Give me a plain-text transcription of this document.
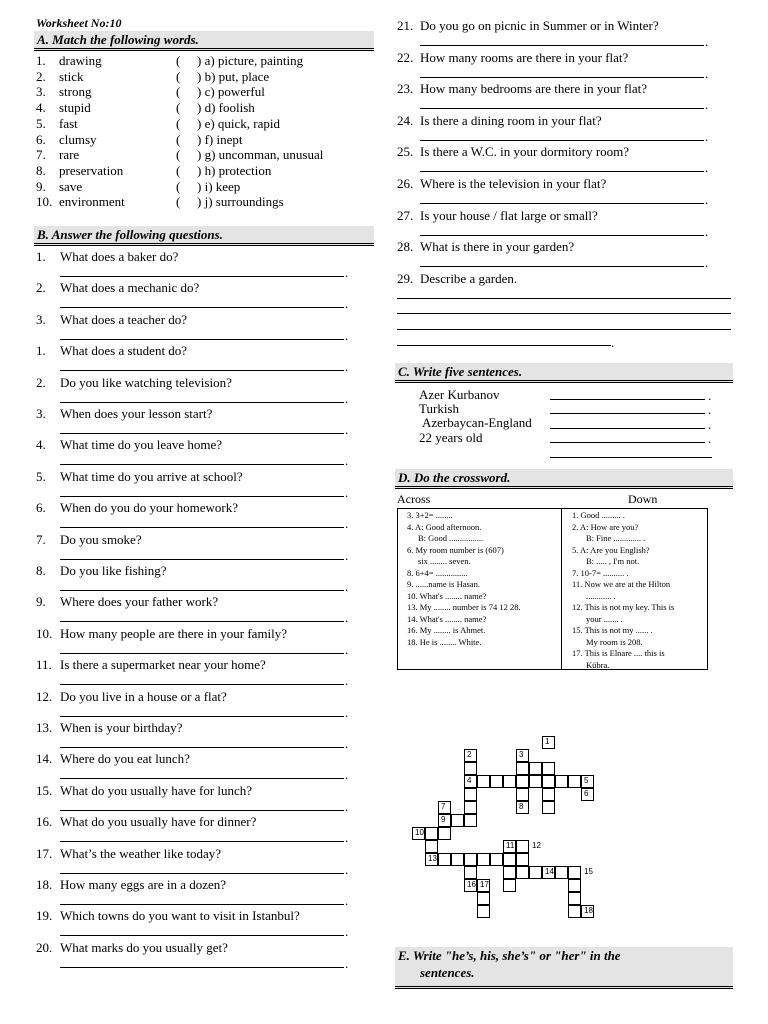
Worksheet No:10
A. Match the following words.
1. drawing	( ) a) picture, painting
2. stick	( ) b) put, place
3. strong	( ) c) powerful
4. stupid	( ) d) foolish
5. fast	( ) e) quick, rapid
6. clumsy	( ) f) inept
7. rare	( ) g) uncomman, unusual
8. preservation	( ) h) protection
9. save	( ) i) keep
10. environment	( ) j) surroundings
B. Answer the following questions.
1. What does a baker do?
.
2. What does a mechanic do?
.
3. What does a teacher do?
.
1. What does a student do?
.
2. Do you like watching television?
.
3. When does your lesson start?
.
4. What time do you leave home?
.
5. What time do you arrive at school?
.
6. When do you do your homework?
.
7. Do you smoke?
.
8. Do you like fishing?
.
9. Where does your father work?
.
10. How many people are there in your family?
.
11. Is there a supermarket near your home?
.
12. Do you live in a house or a flat?
.
13. When is your birthday?
.
14. Where do you eat lunch?
.
15. What do you usually have for lunch?
.
16. What do you usually have for dinner?
.
17. What’s the weather like today?
.
18. How many eggs are in a dozen?
.
19. Which towns do you want to visit in Istanbul?
.
20. What marks do you usually get?
.
21. Do you go on picnic in Summer or in Winter?
.
22. How many rooms are there in your flat?
.
23. How many bedrooms are there in your flat?
.
24. Is there a dining room in your flat?
.
25. Is there a W.C. in your dormitory room?
.
26. Where is the television in your flat?
.
27. Is your house / flat large or small?
.
28. What is there in your garden?
.
29. Describe a garden.
.
C. Write five sentences.
Azer Kurbanov
Turkish
Azerbaycan-England
22 years old
.
.
.
.
D. Do the crossword.
Across	Down
3. 3+2= ........
4. A: Good afternoon.
B: Good ................
6. My room number is (607)
six ........ seven.
8. 6+4= ...............
9. ......name is Hasan.
10. What's ........ name?
13. My ........ number is 74 12 28.
14. What's ........ name?
16. My ........ is Ahmet.
18. He is ........ White.
1. Good ......... .
2. A: How are you?
B: Fine ............. .
5. A: Are you English?
B: ..... , I'm not.
7. 10-7= .......... .
11. Now we are at the Hilton
............ .
12. This is not my key. This is
your ....... .
15. This is not my ...... .
My room is 208.
17. This is Elnare .... this is
Kübra.
1
2	3
4	5
6
7	8
9
10
11 12
13
14	15
16 17
18
E. Write "he’s, his, she’s" or "her" in the
sentences.
